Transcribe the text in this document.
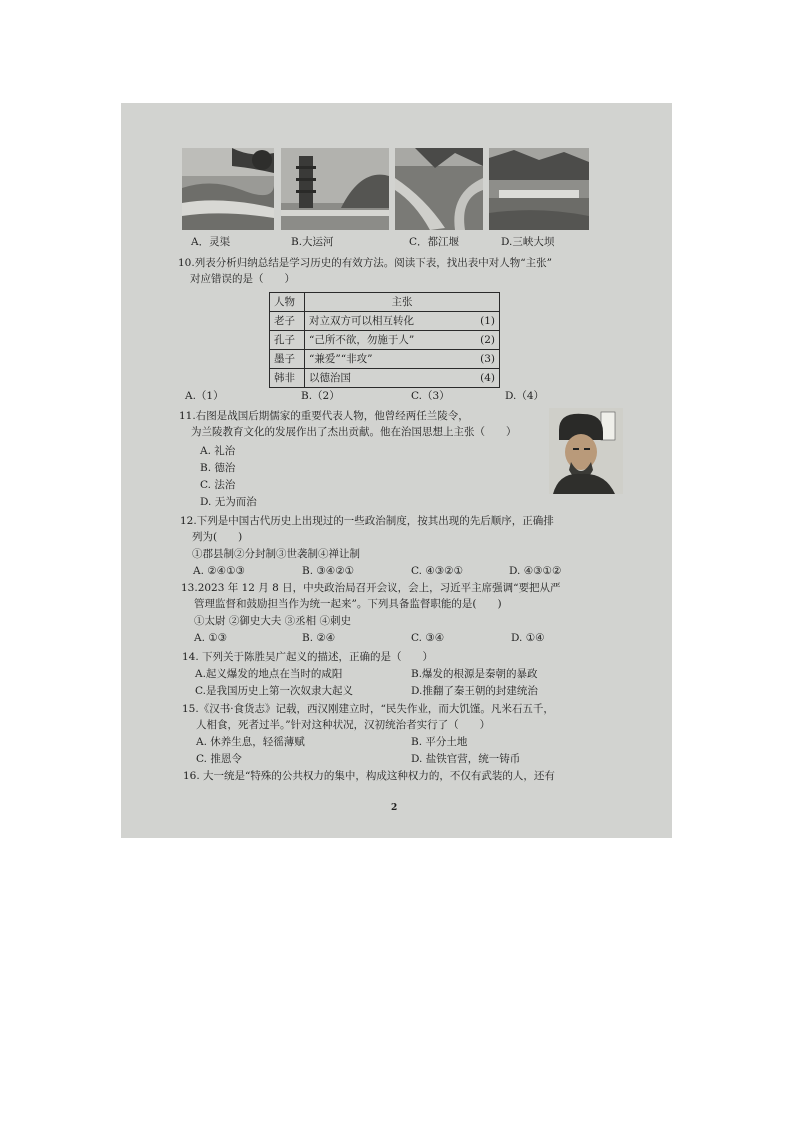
A．灵渠	B.大运河	C．都江堰	D.三峡大坝
10.列表分析归纳总结是学习历史的有效方法。阅读下表，找出表中对人物“主张”
对应错误的是（　　）
人物	主张
老子	对立双方可以相互转化 (1)

孔子	“己所不欲，勿施于人” (2)

墨子	“兼爱”“非攻” (3)

韩非	以德治国 (4)
A.（1）	B.（2）	C.（3）	D.（4）
11.右图是战国后期儒家的重要代表人物，他曾经两任兰陵令，
为兰陵教育文化的发展作出了杰出贡献。他在治国思想上主张（　　）
A. 礼治
B. 德治
C. 法治
D. 无为而治
12.下列是中国古代历史上出现过的一些政治制度，按其出现的先后顺序，正确排
列为(　　)
①郡县制②分封制③世袭制④禅让制
A. ②④①③	B. ③④②①	C. ④③②①	D. ④③①②
13.2023 年 12 月 8 日，中央政治局召开会议，会上，习近平主席强调“要把从严
管理监督和鼓励担当作为统一起来”。下列具备监督职能的是(　　)
①太尉 ②御史大夫 ③丞相 ④刺史
A. ①③	B. ②④	C. ③④	D. ①④
14. 下列关于陈胜吴广起义的描述，正确的是（　　）
A.起义爆发的地点在当时的咸阳	B.爆发的根源是秦朝的暴政
C.是我国历史上第一次奴隶大起义	D.推翻了秦王朝的封建统治
15.《汉书·食货志》记载，西汉刚建立时，“民失作业，而大饥馑。凡米石五千，
人相食，死者过半。”针对这种状况，汉初统治者实行了（　　）
A. 休养生息，轻徭薄赋	B. 平分土地
C. 推恩令	D. 盐铁官营，统一铸币
16. 大一统是“特殊的公共权力的集中，构成这种权力的，不仅有武装的人，还有
2
